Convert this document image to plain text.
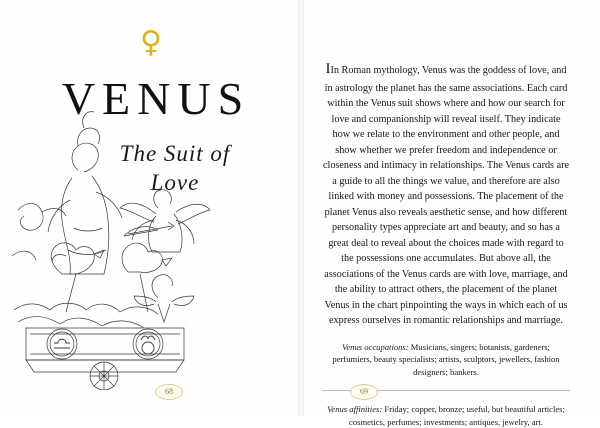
♀
VENUS
The Suit of
Love
68

IIn Roman mythology, Venus was the goddess of love, and in astrology the planet has the same associations. Each card within the Venus suit shows where and how our search for love and companionship will reveal itself. They indicate how we relate to the environment and other people, and show whether we prefer freedom and independence or closeness and intimacy in relationships. The Venus cards are a guide to all the things we value, and therefore are also linked with money and possessions. The placement of the planet Venus also reveals aesthetic sense, and how different personality types appreciate art and beauty, and so has a great deal to reveal about the choices made with regard to the possessions one accumulates. But above all, the associations of the Venus cards are with love, marriage, and the ability to attract others, the placement of the planet Venus in the chart pinpointing the ways in which each of us express ourselves in romantic relationships and marriage.

Venus occupations: Musicians, singers; botanists, gardeners; perfumiers, beauty specialists; artists, sculptors, jewellers, fashion designers; bankers.
Venus affinities: Friday; copper, bronze; useful, but beautiful articles; cosmetics, perfumes; investments; antiques, jewelry, art.
69
